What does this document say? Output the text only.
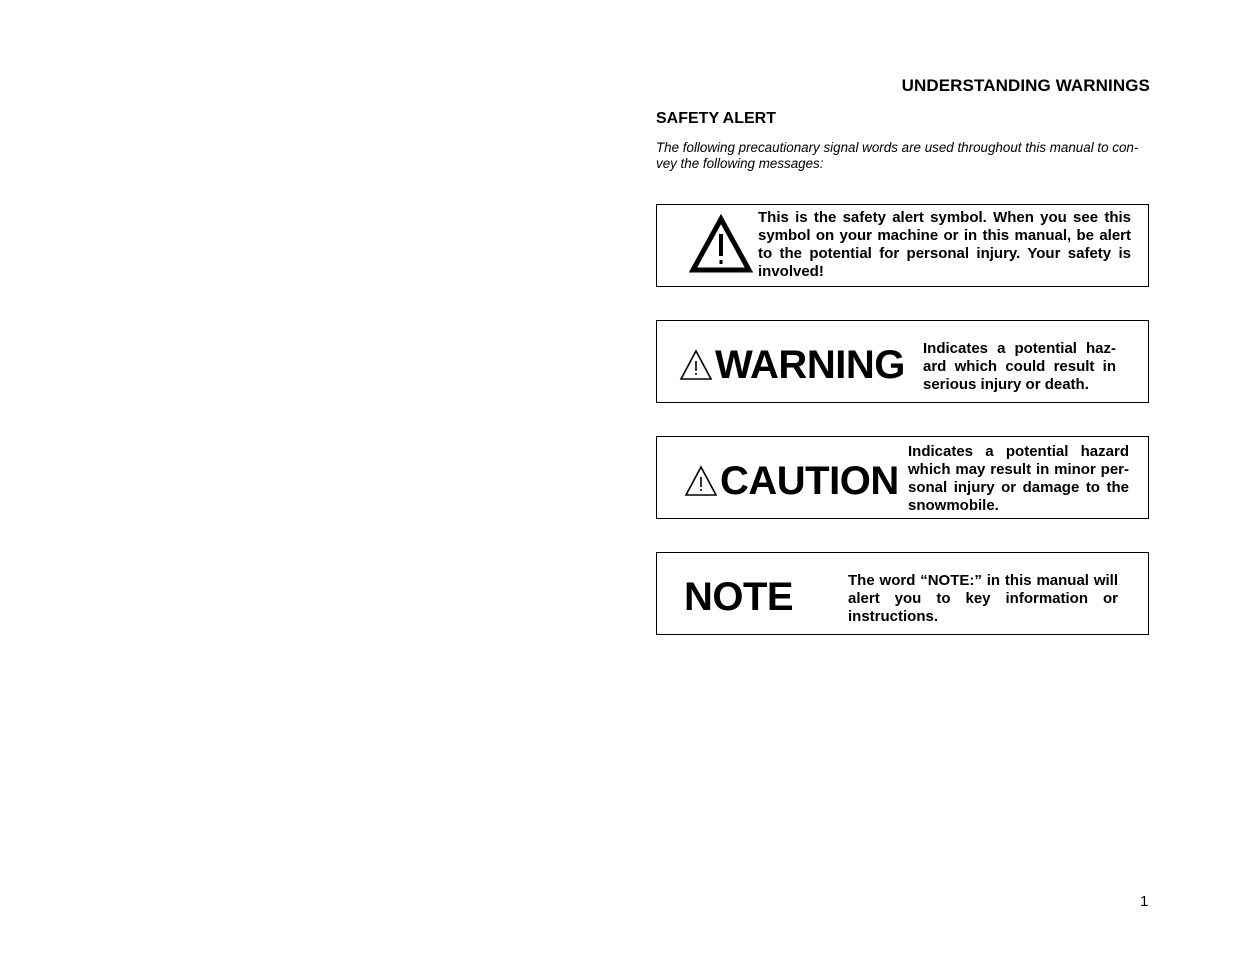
UNDERSTANDING WARNINGS
SAFETY ALERT

The following precautionary signal words are used throughout this manual to con-vey the following messages:

This is the safety alert symbol. When you see this symbol on your machine or in this manual, be alert to the potential for personal injury. Your safety is involved!

WARNING Indicates a potential haz-ard which could result in serious injury or death.

CAUTION

Indicates a potential hazard which may result in minor per-sonal injury or damage to the snowmobile.

NOTE	The word “NOTE:” in this manual will alert you to key information or instructions.

1
